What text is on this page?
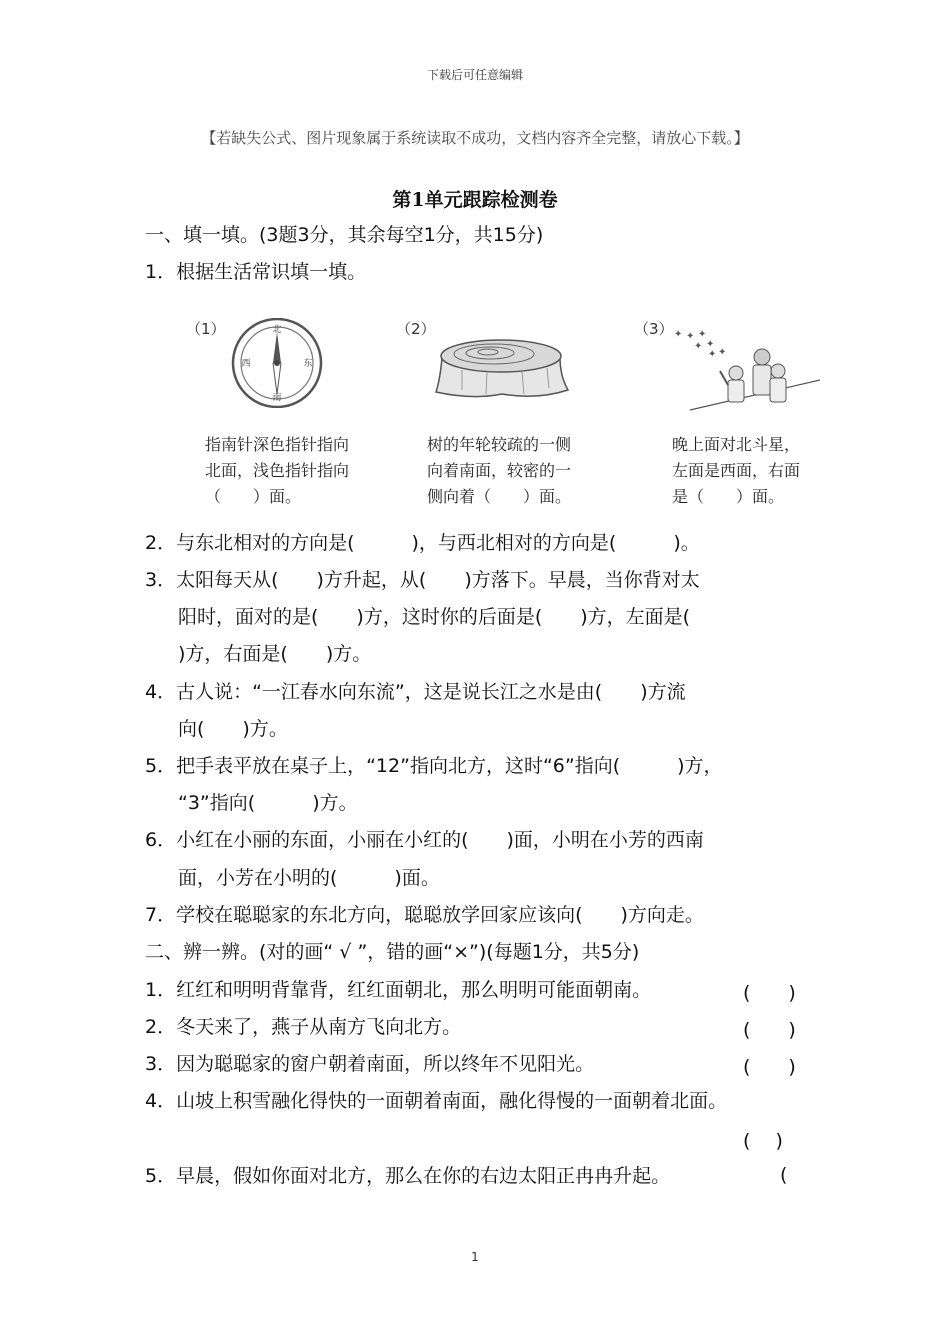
下载后可任意编辑
【若缺失公式、图片现象属于系统读取不成功，文档内容齐全完整，请放心下载。】
第1单元跟踪检测卷
一、填一填。(3题3分，其余每空1分，共15分)
1．根据生活常识填一填。
（1）	北
南
东
西
指南针深色指针指向
北面，浅色指针指向
（　　）面。
（2）
树的年轮较疏的一侧
向着南面，较密的一
侧向着（　　）面。
（3） ✦ ✦ ✦
✦ ✦
✦ ✦
晚上面对北斗星，
左面是西面，右面
是（　　）面。
2．与东北相对的方向是(　　　)，与西北相对的方向是(　　　)。
3．太阳每天从(　　)方升起，从(　　)方落下。早晨，当你背对太
阳时，面对的是(　　)方，这时你的后面是(　　)方，左面是(
)方，右面是(　　)方。
4．古人说：“一江春水向东流”，这是说长江之水是由(　　)方流
向(　　)方。
5．把手表平放在桌子上，“12”指向北方，这时“6”指向(　　　)方，
“3”指向(　　　)方。
6．小红在小丽的东面，小丽在小红的(　　)面，小明在小芳的西南
面，小芳在小明的(　　　)面。
7．学校在聪聪家的东北方向，聪聪放学回家应该向(　　)方向走。
二、辨一辨。(对的画“ √ ”，错的画“×”)(每题1分，共5分)
1．红红和明明背靠背，红红面朝北，那么明明可能面朝南。	(　　)
2．冬天来了，燕子从南方飞向北方。	(　　)
3．因为聪聪家的窗户朝着南面，所以终年不见阳光。	(　　)
4．山坡上积雪融化得快的一面朝着南面，融化得慢的一面朝着北面。
(　 )
5．早晨，假如你面对北方，那么在你的右边太阳正冉冉升起。	(
1
